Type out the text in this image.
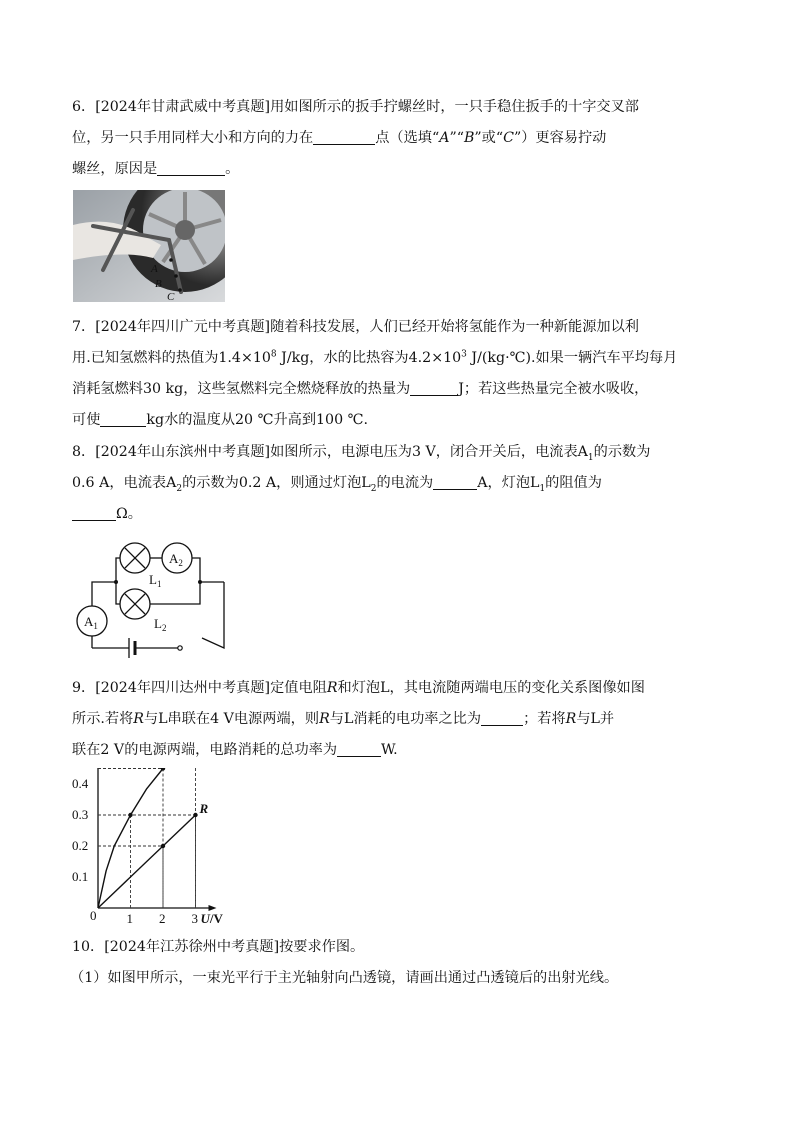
6．[2024年甘肃武威中考真题]用如图所示的扳手拧螺丝时，一只手稳住扳手的十字交叉部

位，另一只手用同样大小和方向的力在	点（选填“A”“B”或“C”）更容易拧动

螺丝，原因是	。

A
B
C

7．[2024年四川广元中考真题]随着科技发展，人们已经开始将氢能作为一种新能源加以利

用.已知氢燃料的热值为$1.4\times 10^8$ J/kg，水的比热容为$4.2\times 10^3$ J/(kg·℃).如果一辆汽车平均每月

消耗氢燃料30 kg，这些氢燃料完全燃烧释放的热量为	J；若这些热量完全被水吸收，

可使	kg水的温度从20 ℃升高到100 ℃.

8．[2024年山东滨州中考真题]如图所示，电源电压为3 V，闭合开关后，电流表$A_1$的示数为

0.6 A，电流表$A_2$的示数为0.2 A，则通过灯泡$L_2$的电流为	A，灯泡$L_1$的阻值为

Ω。

$A_2$
$A_1$
$L_1$
$L_2$

9．[2024年四川达州中考真题]定值电阻R和灯泡L，其电流随两端电压的变化关系图像如图

所示.若将R与L串联在4 V电源两端，则R与L消耗的电功率之比为	；若将R与L并

联在2 V的电源两端，电路消耗的总功率为	W.

0.1
0.2
0.3
0.4
1 2 3
0	U/V
R

10．[2024年江苏徐州中考真题]按要求作图。

（1）如图甲所示，一束光平行于主光轴射向凸透镜，请画出通过凸透镜后的出射光线。
